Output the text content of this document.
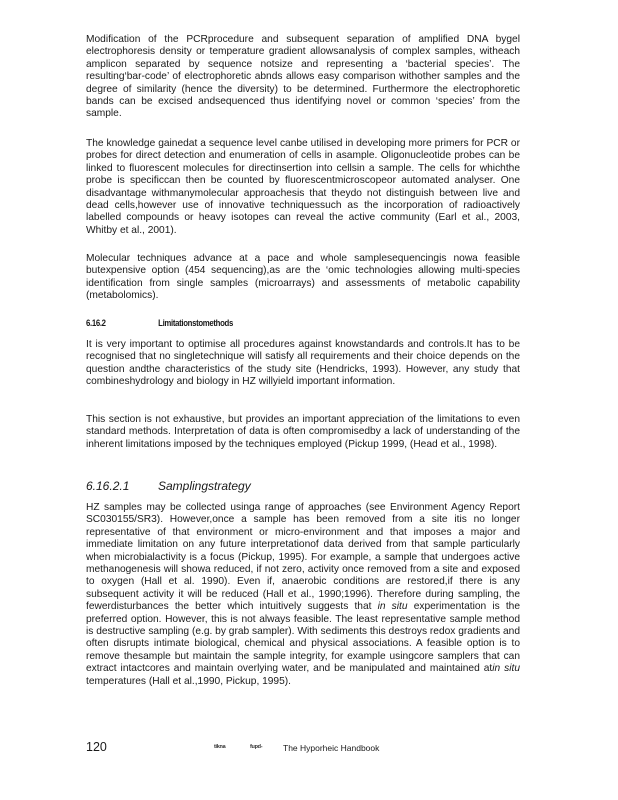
Modification of the PCRprocedure and subsequent separation of amplified DNA bygel electrophoresis density or temperature gradient allowsanalysis of complex samples, witheach amplicon separated by sequence notsize and representing a ‘bacterial species’. The resulting‘bar-code’ of electrophoretic abnds allows easy comparison withother samples and the degree of similarity (hence the diversity) to be determined. Furthermore the electrophoretic bands can be excised andsequenced thus identifying novel or common ‘species’ from the sample.

The knowledge gainedat a sequence level canbe utilised in developing more primers for PCR or probes for direct detection and enumeration of cells in asample. Oligonucleotide probes can be linked to fluorescent molecules for directinsertion into cellsin a sample. The cells for whichthe probe is specificcan then be counted by fluorescentmicroscopeor automated analyser. One disadvantage withmanymolecular approachesis that theydo not distinguish between live and dead cells,however use of innovative techniquessuch as the incorporation of radioactively labelled compounds or heavy isotopes can reveal the active community (Earl et al., 2003, Whitby et al., 2001).

Molecular techniques advance at a pace and whole samplesequencingis nowa feasible butexpensive option (454 sequencing),as are the ‘omic technologies allowing multi-species identification from single samples (microarrays) and assessments of metabolic capability (metabolomics).

6.16.2	Limitationstomethods

It is very important to optimise all procedures against knowstandards and controls.It has to be recognised that no singletechnique will satisfy all requirements and their choice depends on the question andthe characteristics of the study site (Hendricks, 1993). However, any study that combineshydrology and biology in HZ willyield important information.

This section is not exhaustive, but provides an important appreciation of the limitations to even standard methods. Interpretation of data is often compromisedby a lack of understanding of the inherent limitations imposed by the techniques employed (Pickup 1999, (Head et al., 1998).

6.16.2.1 Samplingstrategy

HZ samples may be collected usinga range of approaches (see Environment Agency Report SC030155/SR3). However,once a sample has been removed from a site itis no longer representative of that environment or micro-environment and that imposes a major and immediate limitation on any future interpretationof data derived from that sample particularly when microbialactivity is a focus (Pickup, 1995). For example, a sample that undergoes active methanogenesis will showa reduced, if not zero, activity once removed from a site and exposed to oxygen (Hall et al. 1990). Even if, anaerobic conditions are restored,if there is any subsequent activity it will be reduced (Hall et al., 1990;1996). Therefore during sampling, the fewerdisturbances the better which intuitively suggests that in situ experimentation is the preferred option. However, this is not always feasible. The least representative sample method is destructive sampling (e.g. by grab sampler). With sediments this destroys redox gradients and often disrupts intimate biological, chemical and physical associations. A feasible option is to remove thesample but maintain the sample integrity, for example usingcore samplers that can extract intactcores and maintain overlying water, and be manipulated and maintained atin situ temperatures (Hall et al.,1990, Pickup, 1995).

120	tikna	fupd- The Hyporheic Handbook
